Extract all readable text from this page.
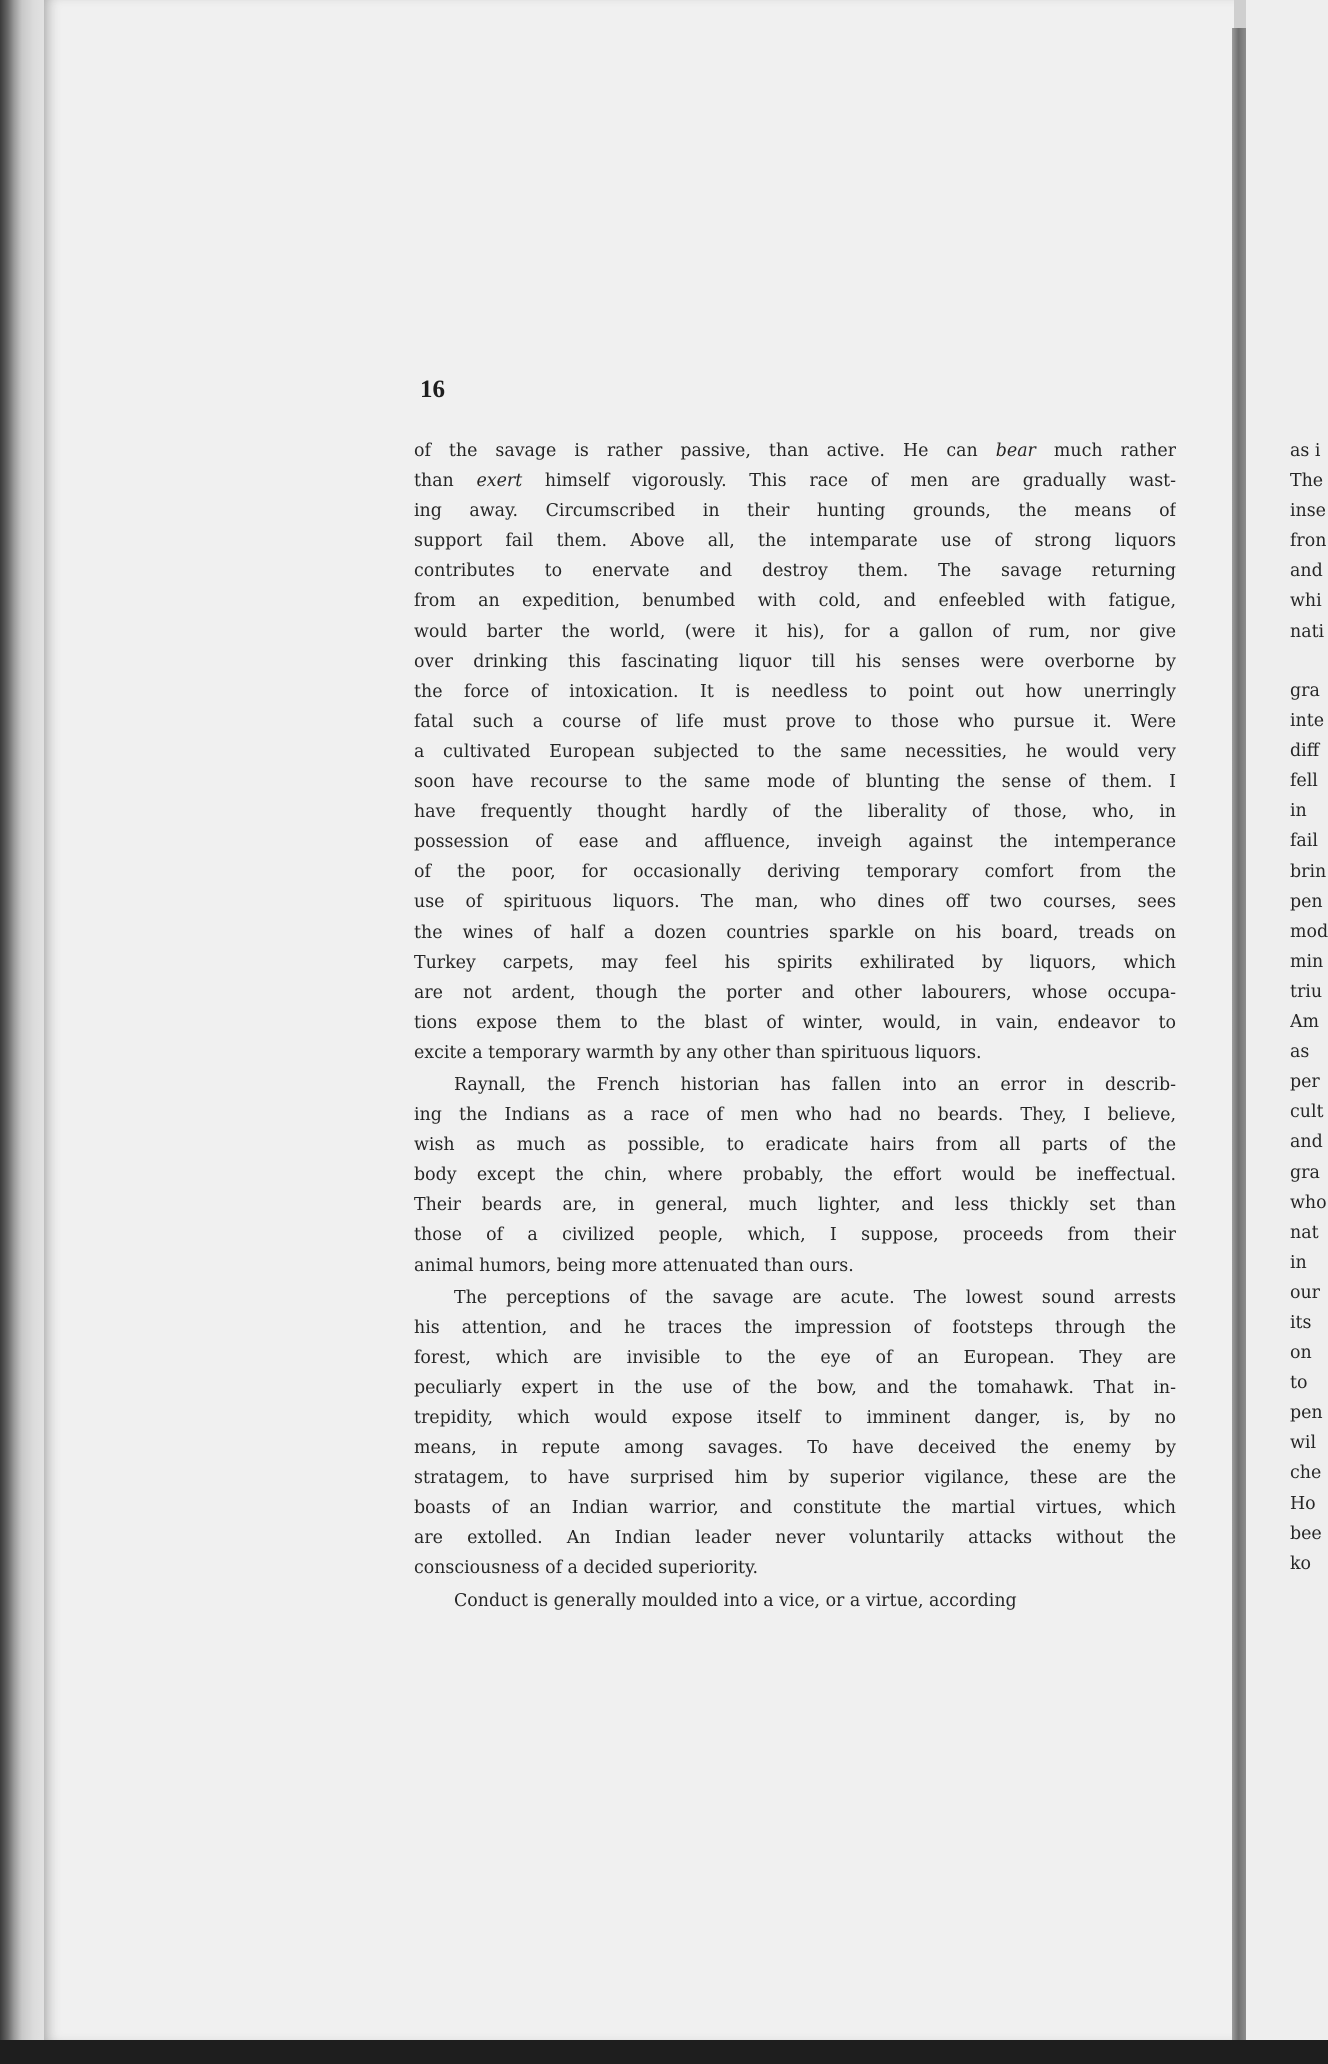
16
of the savage is rather passive, than active. He can bear much rather
than exert himself vigorously. This race of men are gradually wast-
ing away. Circumscribed in their hunting grounds, the means of
support fail them. Above all, the intemparate use of strong liquors
contributes to enervate and destroy them. The savage returning
from an expedition, benumbed with cold, and enfeebled with fatigue,
would barter the world, (were it his), for a gallon of rum, nor give
over drinking this fascinating liquor till his senses were overborne by
the force of intoxication. It is needless to point out how unerringly
fatal such a course of life must prove to those who pursue it. Were
a cultivated European subjected to the same necessities, he would very
soon have recourse to the same mode of blunting the sense of them. I
have frequently thought hardly of the liberality of those, who, in
possession of ease and affluence, inveigh against the intemperance
of the poor, for occasionally deriving temporary comfort from the
use of spirituous liquors. The man, who dines off two courses, sees
the wines of half a dozen countries sparkle on his board, treads on
Turkey carpets, may feel his spirits exhilirated by liquors, which
are not ardent, though the porter and other labourers, whose occupa-
tions expose them to the blast of winter, would, in vain, endeavor to
excite a temporary warmth by any other than spirituous liquors.
Raynall, the French historian has fallen into an error in describ-
ing the Indians as a race of men who had no beards. They, I believe,
wish as much as possible, to eradicate hairs from all parts of the
body except the chin, where probably, the effort would be ineffectual.
Their beards are, in general, much lighter, and less thickly set than
those of a civilized people, which, I suppose, proceeds from their
animal humors, being more attenuated than ours.
The perceptions of the savage are acute. The lowest sound arrests
his attention, and he traces the impression of footsteps through the
forest, which are invisible to the eye of an European. They are
peculiarly expert in the use of the bow, and the tomahawk. That in-
trepidity, which would expose itself to imminent danger, is, by no
means, in repute among savages. To have deceived the enemy by
stratagem, to have surprised him by superior vigilance, these are the
boasts of an Indian warrior, and constitute the martial virtues, which
are extolled. An Indian leader never voluntarily attacks without the
consciousness of a decided superiority.
Conduct is generally moulded into a vice, or a virtue, according
as i
The
inse
fron
and
whi
nati
gra
inte
diff
fell
in
fail
brin
pen
mod
min
triu
Am
as
per
cult
and
gra
who
nat
in
our
its
on
to
pen
wil
che
Ho
bee
ko
